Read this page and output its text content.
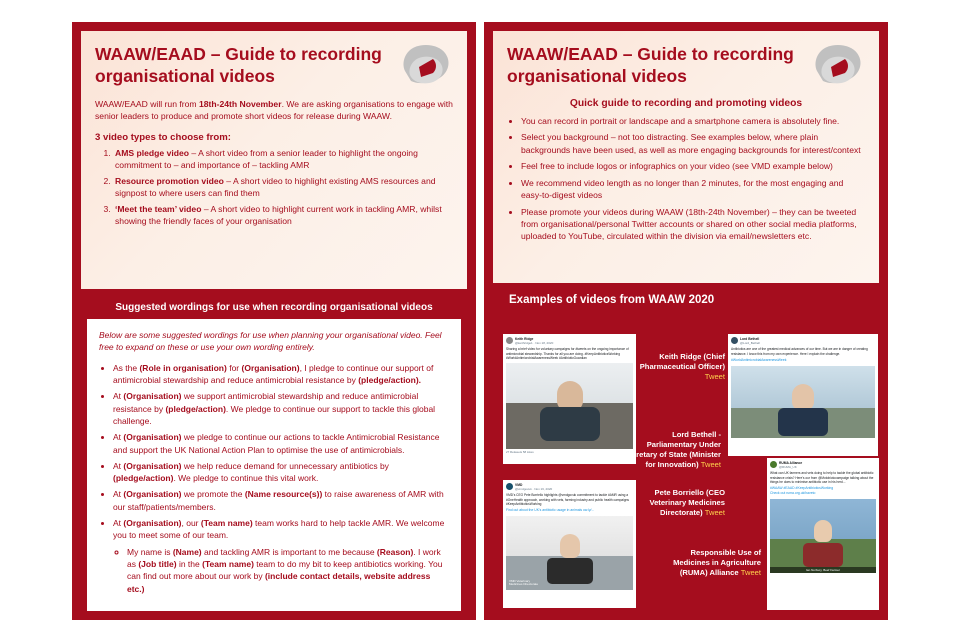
WAAW/EAAD – Guide to recording organisational videos

WAAW/EAAD will run from 18th-24th November. We are asking organisations to engage with senior leaders to produce and promote short videos for release during WAAW.

3 video types to choose from:
1. AMS pledge video – A short video from a senior leader to highlight the ongoing commitment to – and importance of – tackling AMR
2. Resource promotion video – A short video to highlight existing AMS resources and signpost to where users can find them
3. ‘Meet the team’ video – A short video to highlight current work in tackling AMR, whilst showing the friendly faces of your organisation
Suggested wordings for use when recording organisational videos
Below are some suggested wordings for use when planning your organisational video. Feel free to expand on these or use your own wording entirely.
• As the (Role in organisation) for (Organisation), I pledge to continue our support of antimicrobial stewardship and reduce antimicrobial resistance by (pledge/action).
• At (Organisation) we support antimicrobial stewardship and reduce antimicrobial resistance by (pledge/action). We pledge to continue our support to tackle this global challenge.
• At (Organisation) we pledge to continue our actions to tackle Antimicrobial Resistance and support the UK National Action Plan to optimise the use of antimicrobials.
• At (Organisation) we help reduce demand for unnecessary antibiotics by (pledge/action). We pledge to continue this vital work.
• At (Organisation) we promote the (Name resource(s)) to raise awareness of AMR with our staff/patients/members.
• At (Organisation), our (Team name) team works hard to help tackle AMR. We welcome you to meet some of our team.
◦ My name is (Name) and tackling AMR is important to me because (Reason). I work as (Job title) in the (Team name) team to do my bit to keep antibiotics working. You can find out more about our work by (include contact details, website address etc.)
WAAW/EAAD – Guide to recording organisational videos
Quick guide to recording and promoting videos
• You can record in portrait or landscape and a smartphone camera is absolutely fine.
• Select you background – not too distracting. See examples below, where plain backgrounds have been used, as well as more engaging backgrounds for interest/context
• Feel free to include logos or infographics on your video (see VMD example below)
• We recommend video length as no longer than 2 minutes, for the most engaging and easy-to-digest videos
• Please promote your videos during WAAW (18th-24th November) – they can be tweeted from organisational/personal Twitter accounts or shared on other social media platforms, uploaded to YouTube, circulated within the division via email/newsletters etc.
Examples of videos from WAAW 2020
Keith Ridge
@keithridge1 · Nov 18, 2020
Sharing a brief video for voluntary campaigns for #tweets on the ongoing importance of antimicrobial stewardship. Thanks for all you are doing. #KeepAntibioticsWorking #WorldAntimicrobialAwarenessWeek #AntibioticGuardian
27 Retweets 58 Likes
Keith Ridge (Chief Pharmaceutical Officer)
Tweet
Lord Bethell
@Lord_Bethell
Antibiotics are one of the greatest medical advances of our time. But we are in danger of creating resistance. I know this from my own experience. Here I explain the challenge.
#WorldAntimicrobialAwarenessWeek
Lord Bethell - Parliamentary Under Secretary of State (Minister for Innovation) Tweet
VMD
@vmdgovuk · Nov 16, 2020
VMD's CEO Pete Borriello highlights @vmdgovuk commitment to tackle #AMR using a #OneHealth approach, working with vets, farming industry and public health campaigns #KeepAntibioticsWorking
Find out about the UK's antibiotic usage in animals ow.ly/...
VMD Veterinary Medicines Directorate
Pete Borriello (CEO Veterinary Medicines Directorate) Tweet
RUMA Alliance
@RUMA_UK
What can UK farmers and vets doing to help to tackle the global antibiotic resistance crisis? Here's our from @Motobiotocampaign talking about the things he does to minimise antibiotic use in his herd...
#WAAW #EAAD #KeepAntibioticsWorking
Check out ruma.org.uk/haveto
Ian Norbury, Beef Farmer
Responsible Use of Medicines in Agriculture (RUMA) Alliance Tweet
